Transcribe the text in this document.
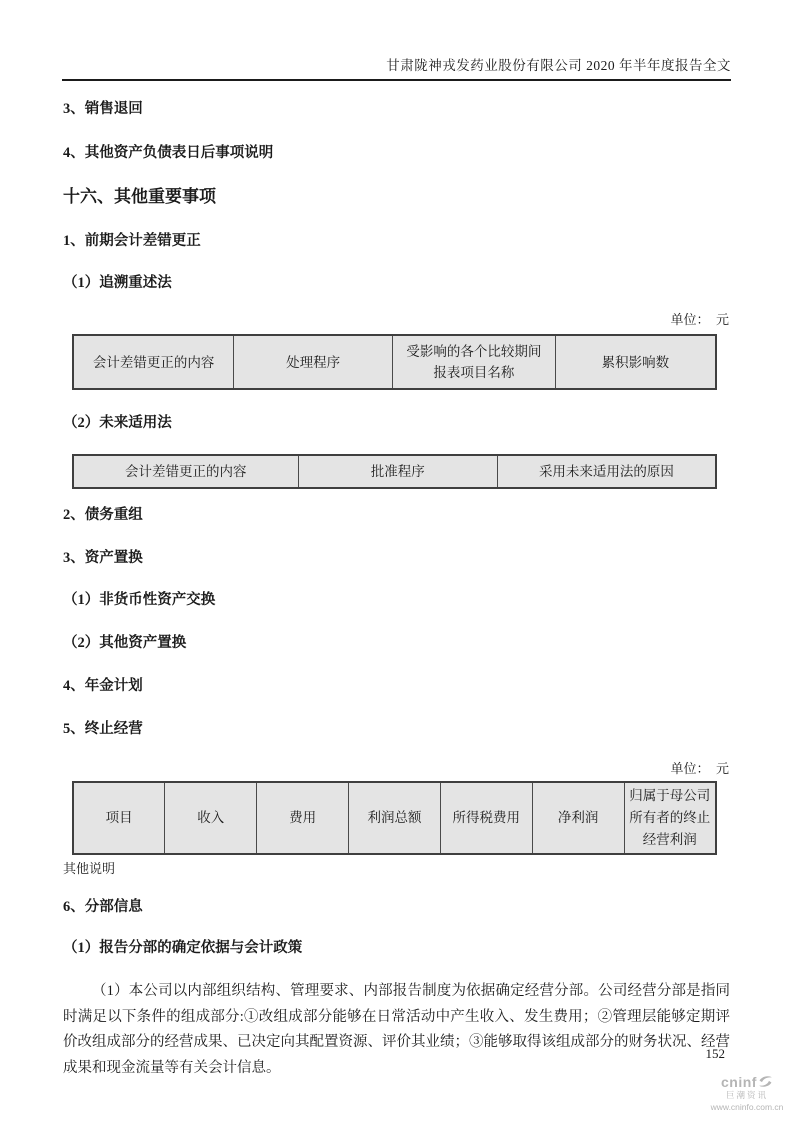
甘肃陇神戎发药业股份有限公司 2020 年半年度报告全文
3、销售退回
4、其他资产负债表日后事项说明
十六、其他重要事项
1、前期会计差错更正
（1）追溯重述法
单位：  元
会计差错更正的内容	处理程序	受影响的各个比较期间报表项目名称	累积影响数
（2）未来适用法
会计差错更正的内容	批准程序	采用未来适用法的原因
2、债务重组
3、资产置换
（1）非货币性资产交换
（2）其他资产置换
4、年金计划
5、终止经营
单位：  元
项目	收入	费用	利润总额	所得税费用	净利润	归属于母公司所有者的终止经营利润
其他说明
6、分部信息
（1）报告分部的确定依据与会计政策
（1）本公司以内部组织结构、管理要求、内部报告制度为依据确定经营分部。公司经营分部是指同时满足以下条件的组成部分:①改组成部分能够在日常活动中产生收入、发生费用；②管理层能够定期评价改组成部分的经营成果、已决定向其配置资源、评价其业绩；③能够取得该组成部分的财务状况、经营成果和现金流量等有关会计信息。
152
cninf
巨潮资讯
www.cninfo.com.cn
